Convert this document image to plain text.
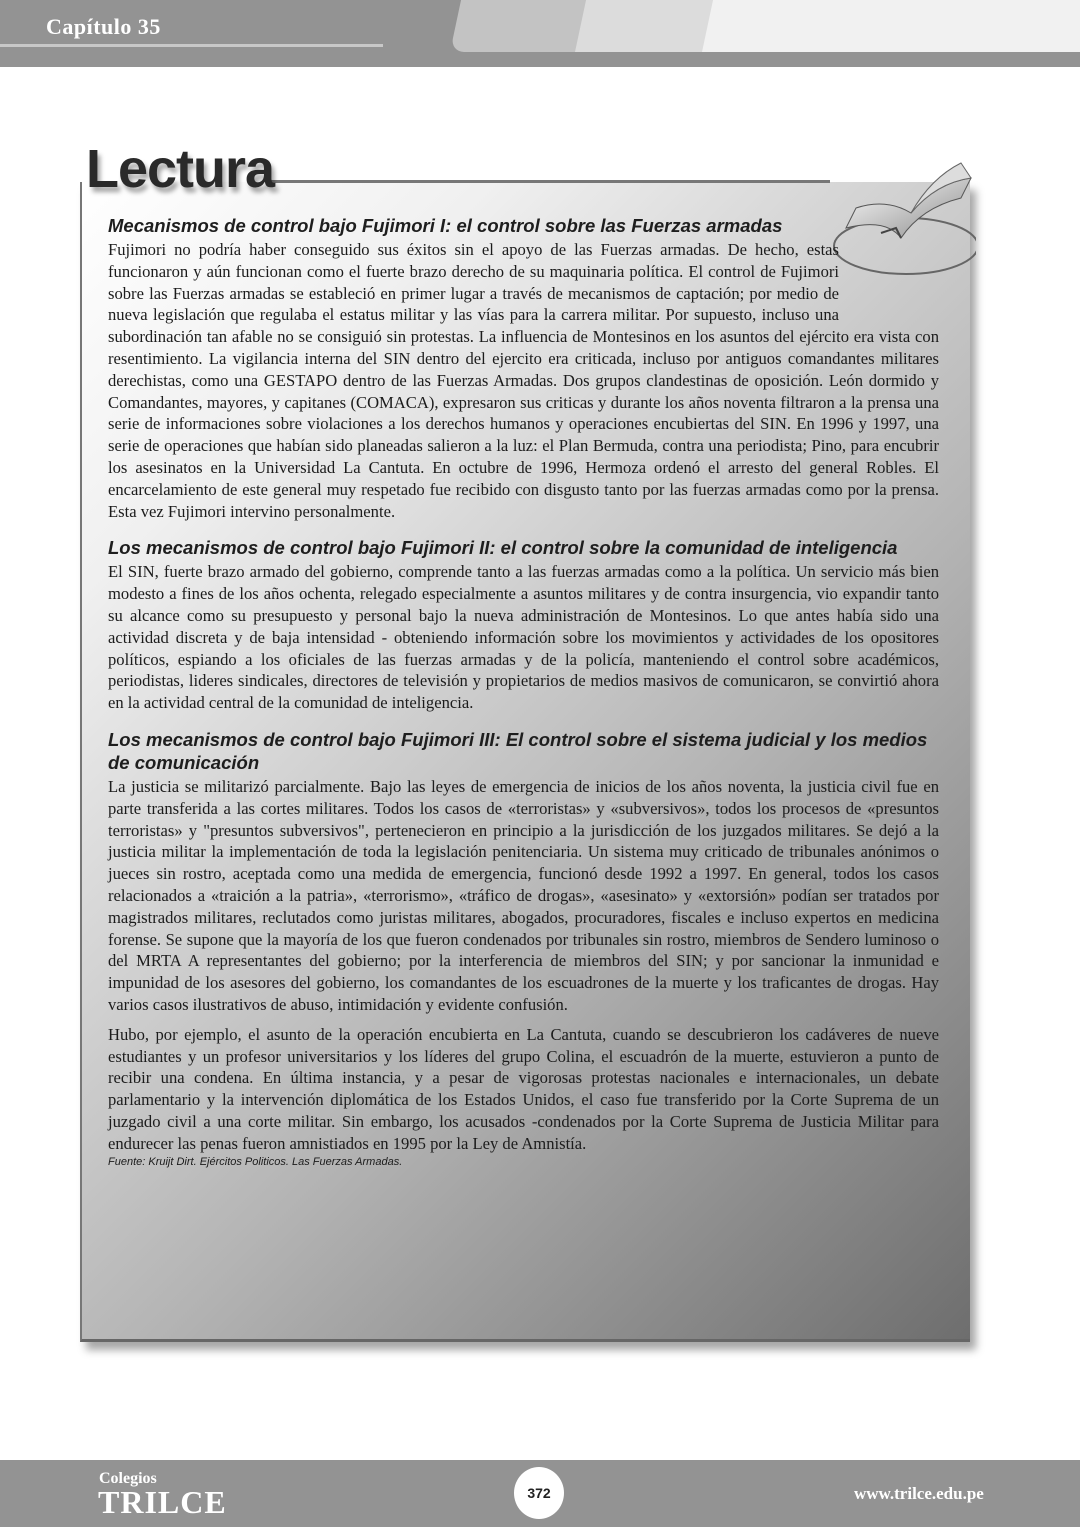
Capítulo 35
Lectura
Mecanismos de control bajo Fujimori I: el control sobre las Fuerzas armadas

Fujimori no podría haber conseguido sus éxitos sin el apoyo de las Fuerzas armadas. De hecho, estas funcionaron y aún funcionan como el fuerte brazo derecho de su maquinaria política. El control de Fujimori sobre las Fuerzas armadas se estableció en primer lugar a través de mecanismos de captación; por medio de nueva legislación que regulaba el estatus militar y las vías para la carrera militar. Por supuesto, incluso una subordinación tan afable no se consiguió sin protestas. La influencia de Montesinos en los asuntos del ejército era vista con resentimiento. La vigilancia interna del SIN dentro del ejercito era criticada, incluso por antiguos comandantes militares derechistas, como una GESTAPO dentro de las Fuerzas Armadas. Dos grupos clandestinas de oposición. León dormido y Comandantes, mayores, y capitanes (COMACA), expresaron sus criticas y durante los años noventa filtraron a la prensa una serie de informaciones sobre violaciones a los derechos humanos y operaciones encubiertas del SIN. En 1996 y 1997, una serie de operaciones que habían sido planeadas salieron a la luz: el Plan Bermuda, contra una periodista; Pino, para encubrir los asesinatos en la Universidad La Cantuta. En octubre de 1996, Hermoza ordenó el arresto del general Robles. El encarcelamiento de este general muy respetado fue recibido con disgusto tanto por las fuerzas armadas como por la prensa. Esta vez Fujimori intervino personalmente.

Los mecanismos de control bajo Fujimori II: el control sobre la comunidad de inteligencia

El SIN, fuerte brazo armado del gobierno, comprende tanto a las fuerzas armadas como a la política. Un servicio más bien modesto a fines de los años ochenta, relegado especialmente a asuntos militares y de contra insurgencia, vio expandir tanto su alcance como su presupuesto y personal bajo la nueva administración de Montesinos. Lo que antes había sido una actividad discreta y de baja intensidad - obteniendo información sobre los movimientos y actividades de los opositores políticos, espiando a los oficiales de las fuerzas armadas y de la policía, manteniendo el control sobre académicos, periodistas, lideres sindicales, directores de televisión y propietarios de medios masivos de comunicaron, se convirtió ahora en la actividad central de la comunidad de inteligencia.

Los mecanismos de control bajo Fujimori III: El control sobre el sistema judicial y los medios de comunicación

La justicia se militarizó parcialmente. Bajo las leyes de emergencia de inicios de los años noventa, la justicia civil fue en parte transferida a las cortes militares. Todos los casos de «terroristas» y «subversivos», todos los procesos de «presuntos terroristas» y "presuntos subversivos", pertenecieron en principio a la jurisdicción de los juzgados militares. Se dejó a la justicia militar la implementación de toda la legislación penitenciaria. Un sistema muy criticado de tribunales anónimos o jueces sin rostro, aceptada como una medida de emergencia, funcionó desde 1992 a 1997. En general, todos los casos relacionados a «traición a la patria», «terrorismo», «tráfico de drogas», «asesinato» y «extorsión» podían ser tratados por magistrados militares, reclutados como juristas militares, abogados, procuradores, fiscales e incluso expertos en medicina forense. Se supone que la mayoría de los que fueron condenados por tribunales sin rostro, miembros de Sendero luminoso o del MRTA A representantes del gobierno; por la interferencia de miembros del SIN; y por sancionar la inmunidad e impunidad de los asesores del gobierno, los comandantes de los escuadrones de la muerte y los traficantes de drogas. Hay varios casos ilustrativos de abuso, intimidación y evidente confusión.

Hubo, por ejemplo, el asunto de la operación encubierta en La Cantuta, cuando se descubrieron los cadáveres de nueve estudiantes y un profesor universitarios y los líderes del grupo Colina, el escuadrón de la muerte, estuvieron a punto de recibir una condena. En última instancia, y a pesar de vigorosas protestas nacionales e internacionales, un debate parlamentario y la intervención diplomática de los Estados Unidos, el caso fue transferido por la Corte Suprema de un juzgado civil a una corte militar. Sin embargo, los acusados -condenados por la Corte Suprema de Justicia Militar para endurecer las penas fueron amnistiados en 1995 por la Ley de Amnistía.

Fuente: Kruijt Dirt. Ejércitos Politicos. Las Fuerzas Armadas.
Colegios
TRILCE	372	www.trilce.edu.pe
